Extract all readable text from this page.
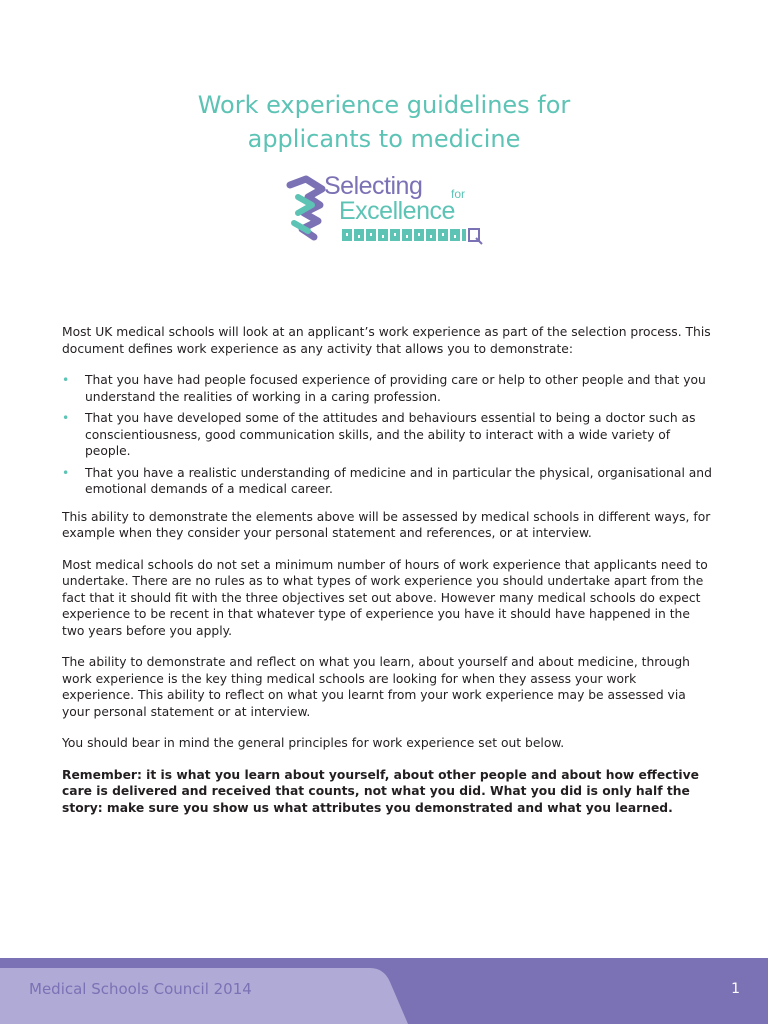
Work experience guidelines for
applicants to medicine
Selecting for
Excellence

Most UK medical schools will look at an applicant’s work experience as part of the selection process. This document defines work experience as any activity that allows you to demonstrate:

• That you have had people focused experience of providing care or help to other people and that you understand the realities of working in a caring profession.
• That you have developed some of the attitudes and behaviours essential to being a doctor such as conscientiousness, good communication skills, and the ability to interact with a wide variety of people.
• That you have a realistic understanding of medicine and in particular the physical, organisational and emotional demands of a medical career.

This ability to demonstrate the elements above will be assessed by medical schools in different ways, for example when they consider your personal statement and references, or at interview.

Most medical schools do not set a minimum number of hours of work experience that applicants need to undertake. There are no rules as to what types of work experience you should undertake apart from the fact that it should fit with the three objectives set out above. However many medical schools do expect experience to be recent in that whatever type of experience you have it should have happened in the two years before you apply.

The ability to demonstrate and reflect on what you learn, about yourself and about medicine, through work experience is the key thing medical schools are looking for when they assess your work experience. This ability to reflect on what you learnt from your work experience may be assessed via your personal statement or at interview.

You should bear in mind the general principles for work experience set out below.

Remember: it is what you learn about yourself, about other people and about how effective care is delivered and received that counts, not what you did. What you did is only half the story: make sure you show us what attributes you demonstrated and what you learned.

Medical Schools Council 2014	1
